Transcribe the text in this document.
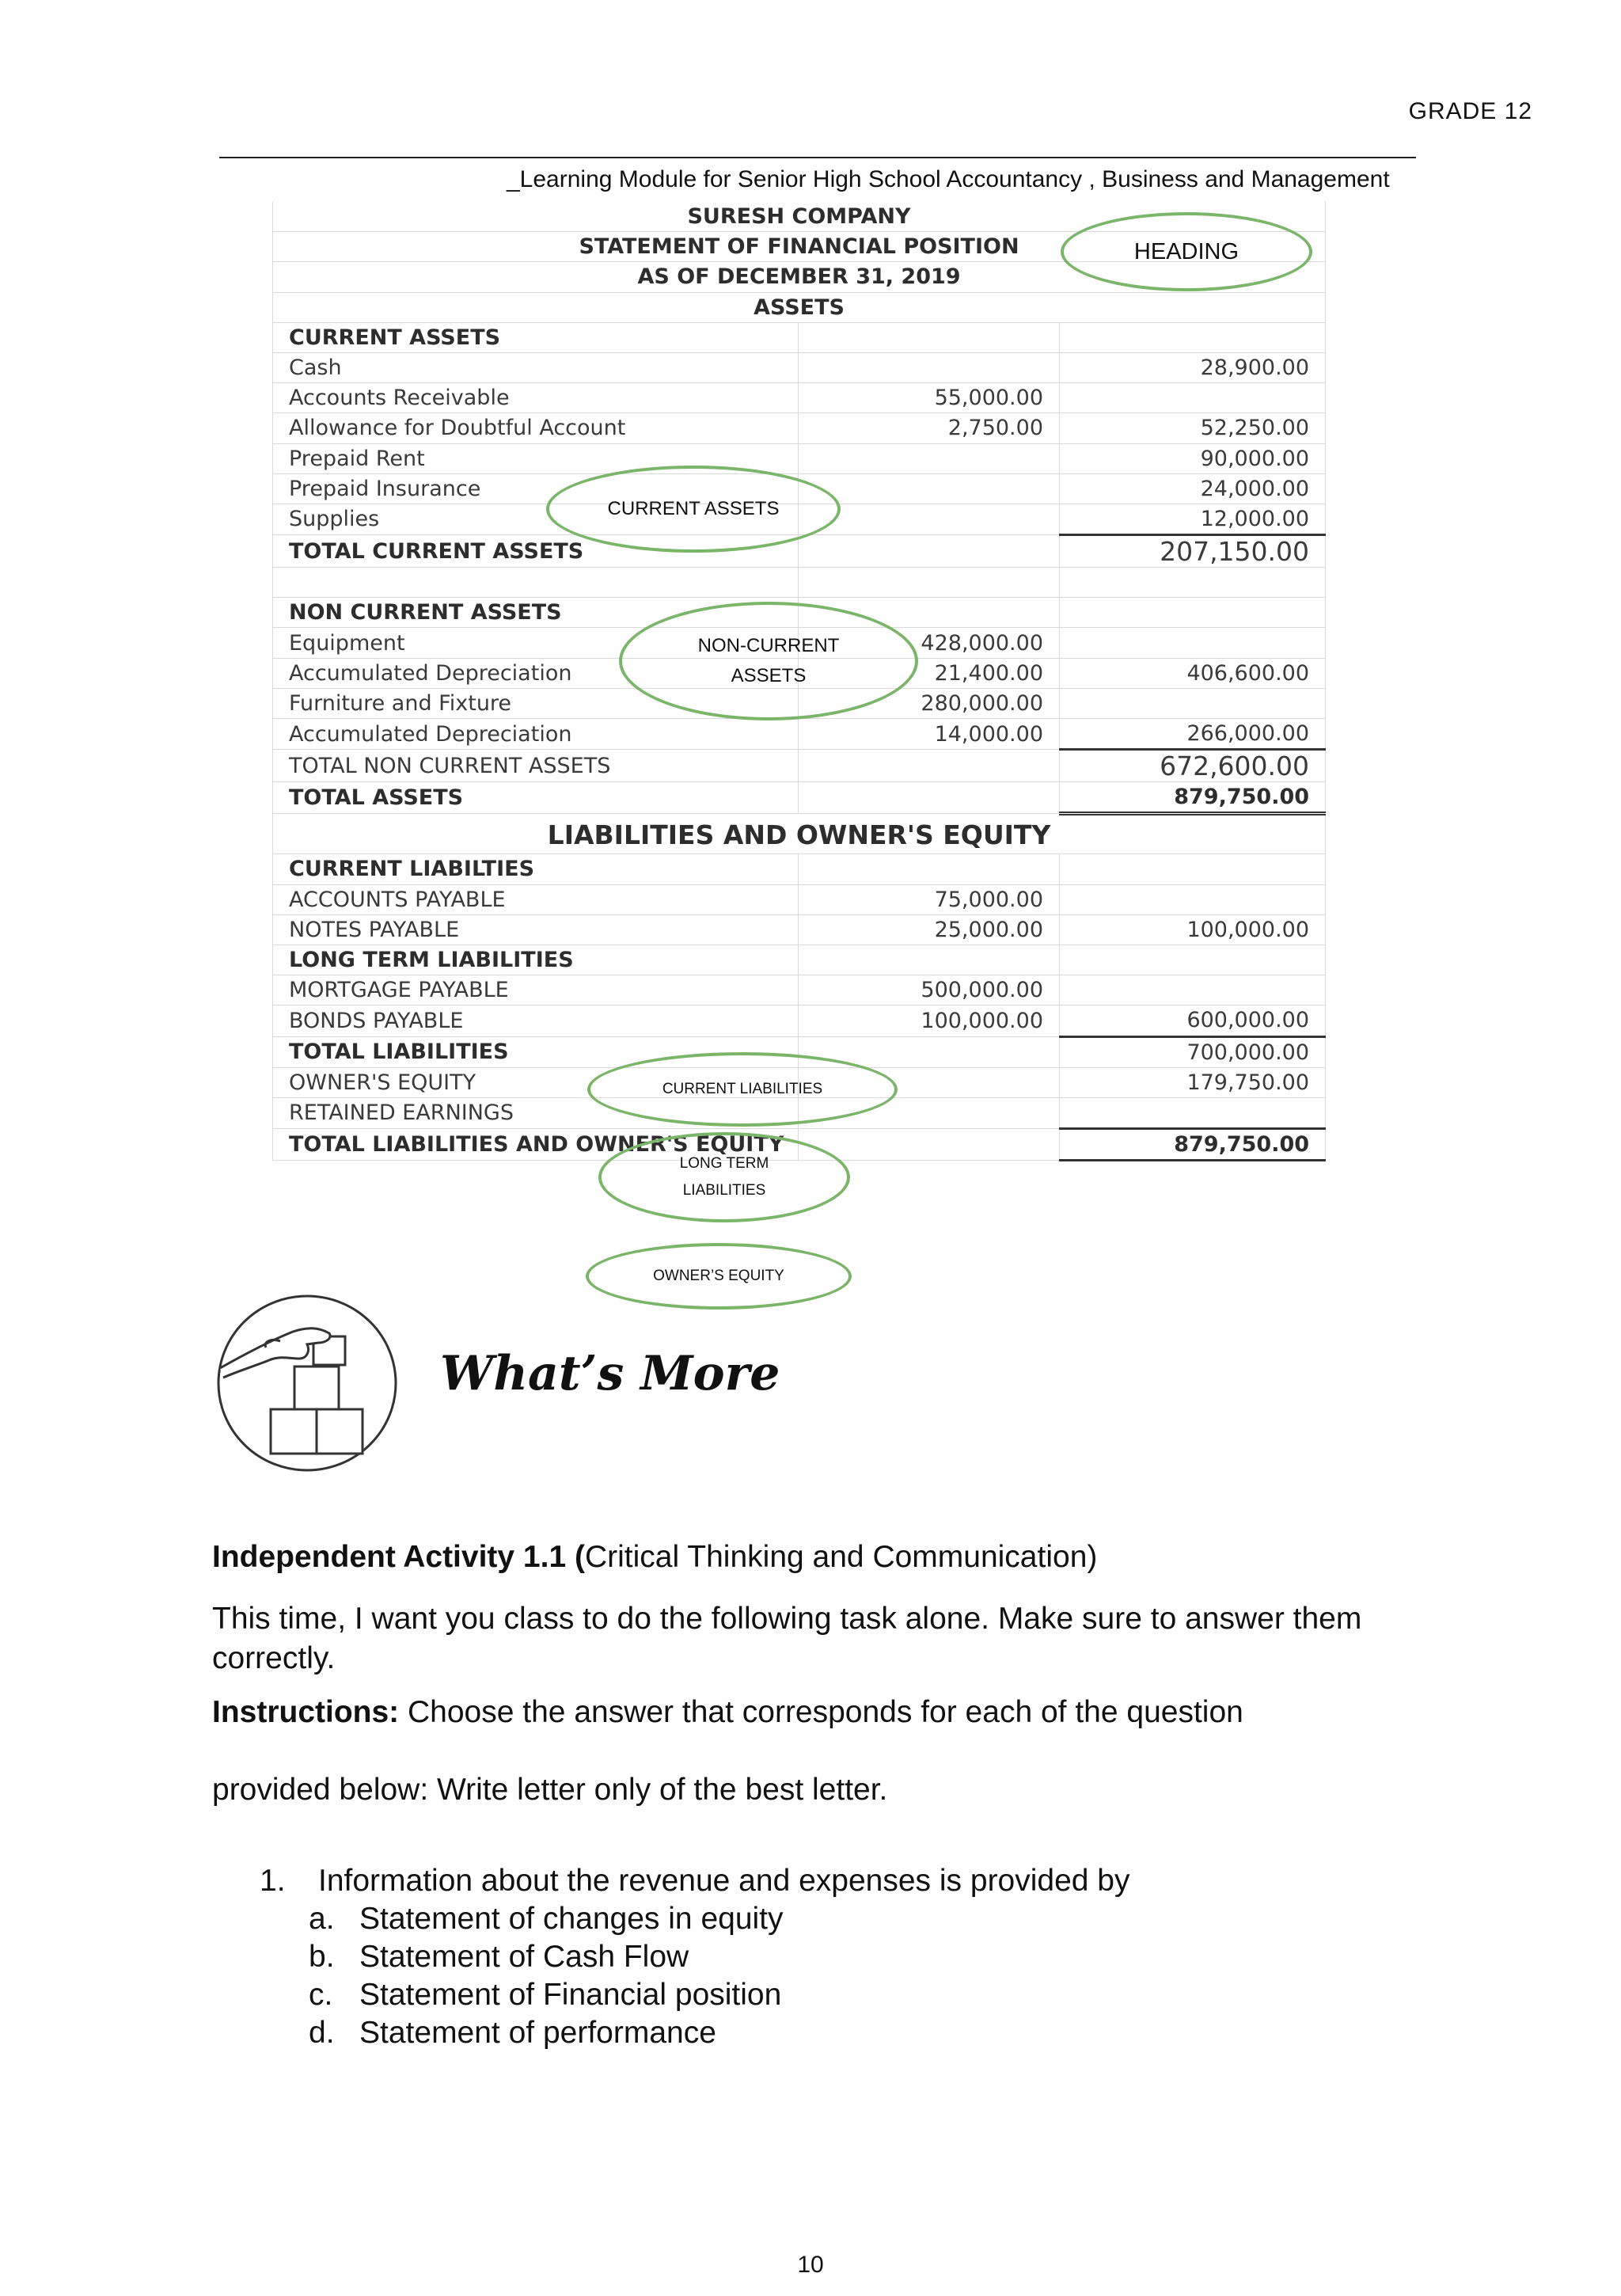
GRADE 12
_Learning Module for Senior High School Accountancy , Business and Management
SURESH COMPANY		
STATEMENT OF FINANCIAL POSITION		
AS OF DECEMBER 31, 2019		
ASSETS		
CURRENT ASSETS		
Cash		28,900.00
Accounts Receivable	55,000.00	
Allowance for Doubtful Account	2,750.00	52,250.00
Prepaid Rent		90,000.00
Prepaid Insurance		24,000.00
Supplies		12,000.00
TOTAL CURRENT ASSETS		207,150.00

NON CURRENT ASSETS		
Equipment	428,000.00	
Accumulated Depreciation	21,400.00	406,600.00
Furniture and Fixture	280,000.00	
Accumulated Depreciation	14,000.00	266,000.00
TOTAL NON CURRENT ASSETS		672,600.00
TOTAL ASSETS		879,750.00
LIABILITIES AND OWNER'S EQUITY		
CURRENT LIABILTIES		
ACCOUNTS PAYABLE	75,000.00	
NOTES PAYABLE	25,000.00	100,000.00
LONG TERM LIABILITIES		
MORTGAGE PAYABLE	500,000.00	
BONDS PAYABLE	100,000.00	600,000.00
TOTAL LIABILITIES		700,000.00
OWNER'S EQUITY		179,750.00
RETAINED EARNINGS		
TOTAL LIABILITIES AND OWNER'S EQUITY		879,750.00
HEADING
CURRENT ASSETS
NON-CURRENT
ASSETS
CURRENT LIABILITIES
LONG TERM
LIABILITIES
OWNER’S EQUITY
What’s More
Independent Activity 1.1 (Critical Thinking and Communication)
This time, I want you class to do the following task alone. Make sure to answer them correctly.
Instructions: Choose the answer that corresponds for each of the question
provided below: Write letter only of the best letter.
1. Information about the revenue and expenses is provided by
a. Statement of changes in equity
b. Statement of Cash Flow
c. Statement of Financial position
d. Statement of performance
10
